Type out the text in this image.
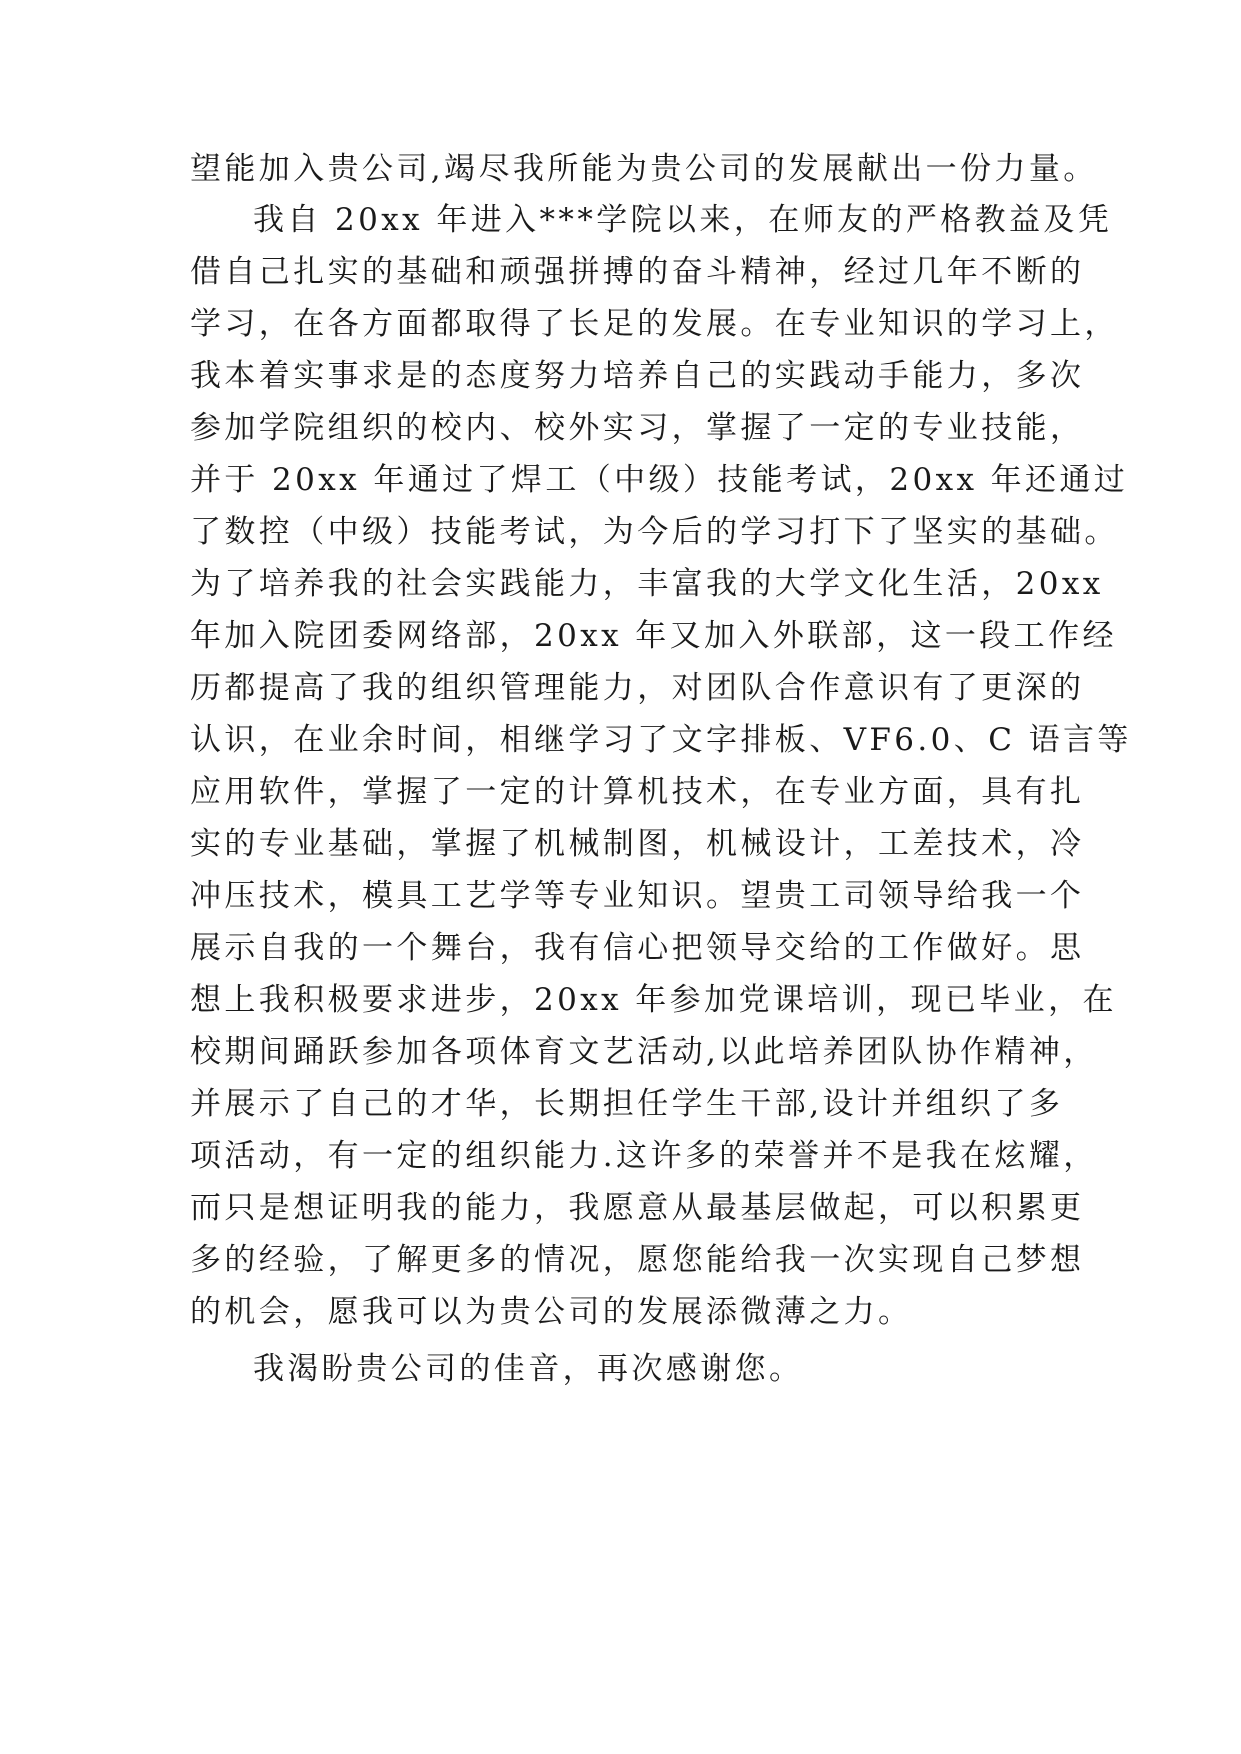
望能加入贵公司,竭尽我所能为贵公司的发展献出一份力量。
我自 20xx 年进入***学院以来，在师友的严格教益及凭
借自己扎实的基础和顽强拼搏的奋斗精神，经过几年不断的
学习，在各方面都取得了长足的发展。在专业知识的学习上，
我本着实事求是的态度努力培养自己的实践动手能力，多次
参加学院组织的校内、校外实习，掌握了一定的专业技能，
并于 20xx 年通过了焊工（中级）技能考试，20xx 年还通过
了数控（中级）技能考试，为今后的学习打下了坚实的基础。
为了培养我的社会实践能力，丰富我的大学文化生活，20xx
年加入院团委网络部，20xx 年又加入外联部，这一段工作经
历都提高了我的组织管理能力，对团队合作意识有了更深的
认识，在业余时间，相继学习了文字排板、VF6.0、C 语言等
应用软件，掌握了一定的计算机技术，在专业方面，具有扎
实的专业基础，掌握了机械制图，机械设计，工差技术，冷
冲压技术，模具工艺学等专业知识。望贵工司领导给我一个
展示自我的一个舞台，我有信心把领导交给的工作做好。思
想上我积极要求进步，20xx 年参加党课培训，现已毕业，在
校期间踊跃参加各项体育文艺活动,以此培养团队协作精神，
并展示了自己的才华，长期担任学生干部,设计并组织了多
项活动，有一定的组织能力.这许多的荣誉并不是我在炫耀，
而只是想证明我的能力，我愿意从最基层做起，可以积累更
多的经验，了解更多的情况，愿您能给我一次实现自己梦想
的机会，愿我可以为贵公司的发展添微薄之力。
我渴盼贵公司的佳音，再次感谢您。
